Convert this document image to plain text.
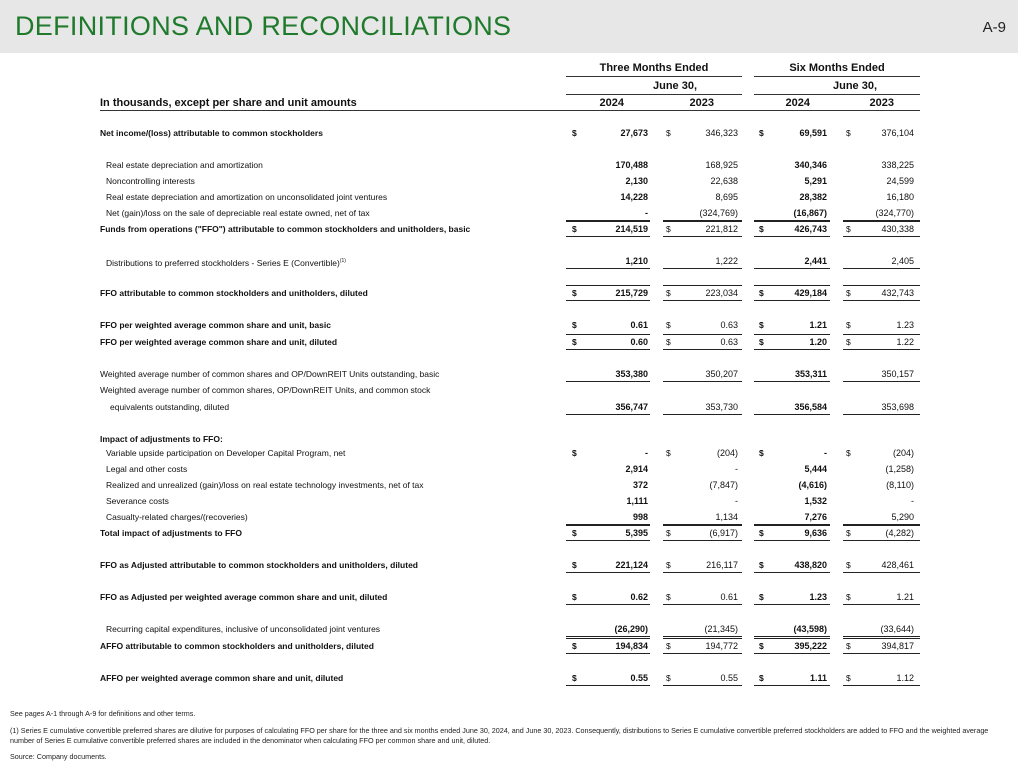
DEFINITIONS AND RECONCILIATIONS	A-9
Three Months Ended
June 30,
Six Months Ended
June 30,
In thousands, except per share and unit amounts	2024	2023	2024	2023
Net income/(loss) attributable to common stockholders	$	27,673 $	346,323 $	69,591 $	376,104
Real estate depreciation and amortization	170,488	168,925	340,346	338,225
Noncontrolling interests	2,130	22,638	5,291	24,599
Real estate depreciation and amortization on unconsolidated joint ventures	14,228	8,695	28,382	16,180
Net (gain)/loss on the sale of depreciable real estate owned, net of tax	-	(324,769)	(16,867)	(324,770)
Funds from operations ("FFO") attributable to common stockholders and unitholders, basic	$	214,519 $	221,812 $	426,743 $	430,338
Distributions to preferred stockholders - Series E (Convertible)$^{(1)}$	1,210	1,222	2,441	2,405
FFO attributable to common stockholders and unitholders, diluted	$	215,729 $	223,034 $	429,184 $	432,743
FFO per weighted average common share and unit, basic	$	0.61 $	0.63 $	1.21 $	1.23
FFO per weighted average common share and unit, diluted	$	0.60 $	0.63 $	1.20 $	1.22
Weighted average number of common shares and OP/DownREIT Units outstanding, basic	353,380	350,207	353,311	350,157
Weighted average number of common shares, OP/DownREIT Units, and common stock
equivalents outstanding, diluted	356,747	353,730	356,584	353,698
Impact of adjustments to FFO:
Variable upside participation on Developer Capital Program, net	$	- $	(204) $	- $	(204)
Legal and other costs	2,914	-	5,444	(1,258)
Realized and unrealized (gain)/loss on real estate technology investments, net of tax	372	(7,847)	(4,616)	(8,110)
Severance costs	1,111	-	1,532	-
Casualty-related charges/(recoveries)	998	1,134	7,276	5,290
Total impact of adjustments to FFO	$	5,395 $	(6,917) $	9,636 $	(4,282)
FFO as Adjusted attributable to common stockholders and unitholders, diluted	$	221,124 $	216,117 $	438,820 $	428,461
FFO as Adjusted per weighted average common share and unit, diluted	$	0.62 $	0.61 $	1.23 $	1.21
Recurring capital expenditures, inclusive of unconsolidated joint ventures	(26,290)	(21,345)	(43,598)	(33,644)
AFFO attributable to common stockholders and unitholders, diluted	$	194,834 $	194,772 $	395,222 $	394,817
AFFO per weighted average common share and unit, diluted	$	0.55 $	0.55 $	1.11 $	1.12
See pages A-1 through A-9 for definitions and other terms.
(1) Series E cumulative convertible preferred shares are dilutive for purposes of calculating FFO per share for the three and six months ended June 30, 2024, and June 30, 2023. Consequently, distributions to Series E cumulative convertible preferred stockholders are added to FFO and the weighted average number of Series E cumulative convertible preferred shares are included in the denominator when calculating FFO per common share and unit, diluted.
Source: Company documents.
